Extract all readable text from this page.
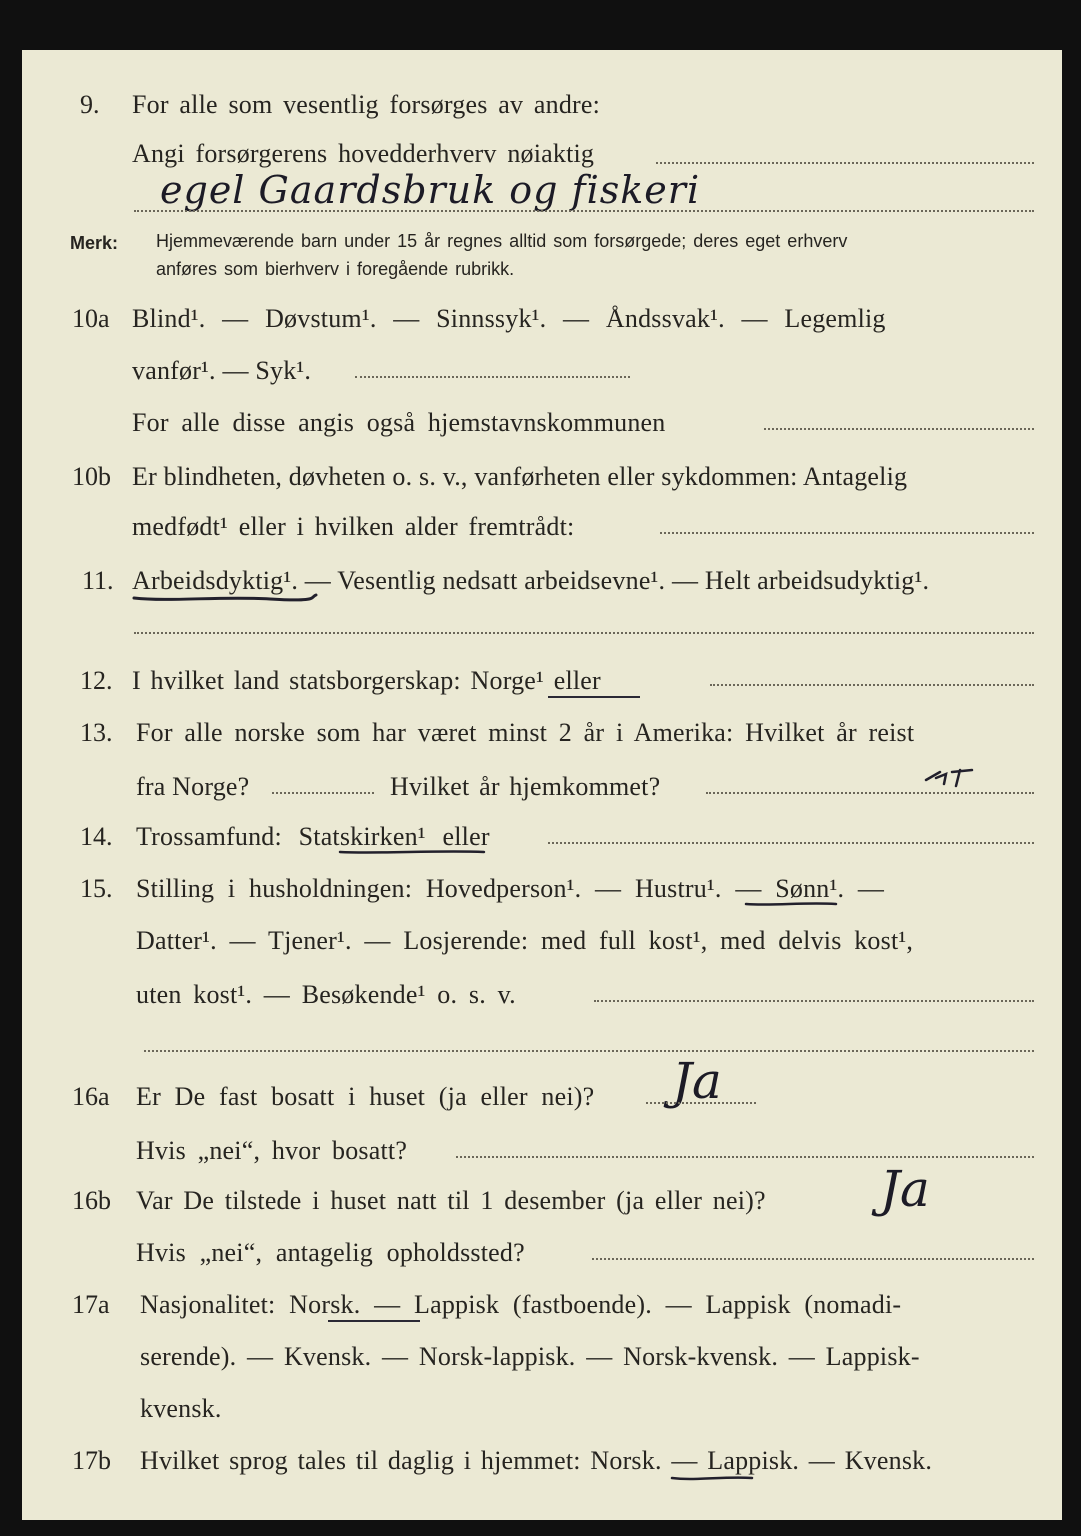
9. For alle som vesentlig forsørges av andre:
Angi forsørgerens hovedderhverv nøiaktig
egel Gaardsbruk og fiskeri
Merk: Hjemmeværende barn under 15 år regnes alltid som forsørgede; deres eget erhverv
anføres som bierhverv i foregående rubrikk.
10a Blind¹. — Døvstum¹. — Sinnssyk¹. — Åndssvak¹. — Legemlig
vanfør¹. — Syk¹.
For alle disse angis også hjemstavnskommunen
10b Er blindheten, døvheten o. s. v., vanførheten eller sykdommen: Antagelig
medfødt¹ eller i hvilken alder fremtrådt:
11. Arbeidsdyktig¹. — Vesentlig nedsatt arbeidsevne¹. — Helt arbeidsudyktig¹.
12. I hvilket land statsborgerskap: Norge¹ eller
13. For alle norske som har været minst 2 år i Amerika: Hvilket år reist
fra Norge?	Hvilket år hjemkommet?
14. Trossamfund: Statskirken¹ eller
15. Stilling i husholdningen: Hovedperson¹. — Hustru¹. — Sønn¹. —
Datter¹. — Tjener¹. — Losjerende: med full kost¹, med delvis kost¹,
uten kost¹. — Besøkende¹ o. s. v.
16a Er De fast bosatt i huset (ja eller nei)? Ja
Hvis „nei“, hvor bosatt?
16b Var De tilstede i huset natt til 1 desember (ja eller nei)? Ja
Hvis „nei“, antagelig opholdssted?
17a Nasjonalitet: Norsk. — Lappisk (fastboende). — Lappisk (nomadi-
serende). — Kvensk. — Norsk-lappisk. — Norsk-kvensk. — Lappisk-
kvensk.
17b Hvilket sprog tales til daglig i hjemmet: Norsk. — Lappisk. — Kvensk.
